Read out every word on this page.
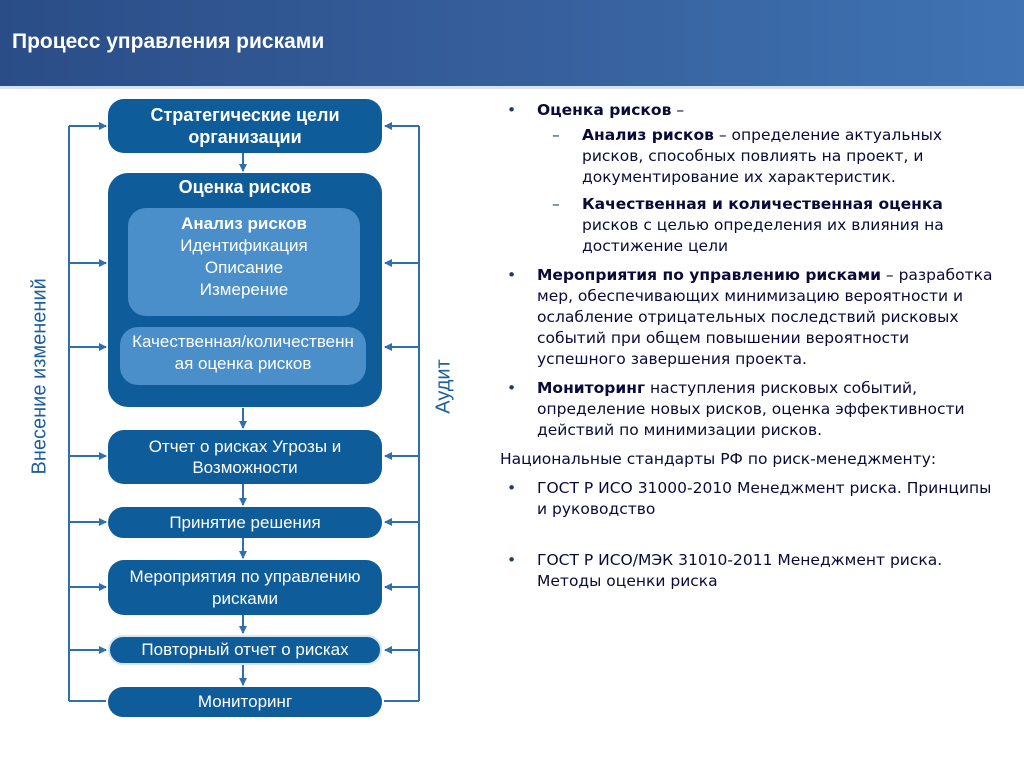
Процесс управления рисками
Стратегические цели организации
Оценка рисков
Анализ рисков
Идентификация
Описание
Измерение
Качественная/количественная оценка рисков
Отчет о рисках Угрозы и Возможности
Принятие решения
Мероприятия по управлению рисками
Повторный отчет о рисках
Мониторинг
Внесение изменений	Аудит
• Оценка рисков –
– Анализ рисков – определение актуальных рисков, способных повлиять на проект, и документирование их характеристик.
– Качественная и количественная оценка рисков с целью определения их влияния на достижение цели
• Мероприятия по управлению рисками – разработка мер, обеспечивающих минимизацию вероятности и ослабление отрицательных последствий рисковых событий при общем повышении вероятности успешного завершения проекта.
• Мониторинг наступления рисковых событий, определение новых рисков, оценка эффективности действий по минимизации рисков.
Национальные стандарты РФ по риск-менеджменту:
• ГОСТ Р ИСО 31000-2010 Менеджмент риска. Принципы и руководство
• ГОСТ Р ИСО/МЭК 31010-2011 Менеджмент риска. Методы оценки риска
